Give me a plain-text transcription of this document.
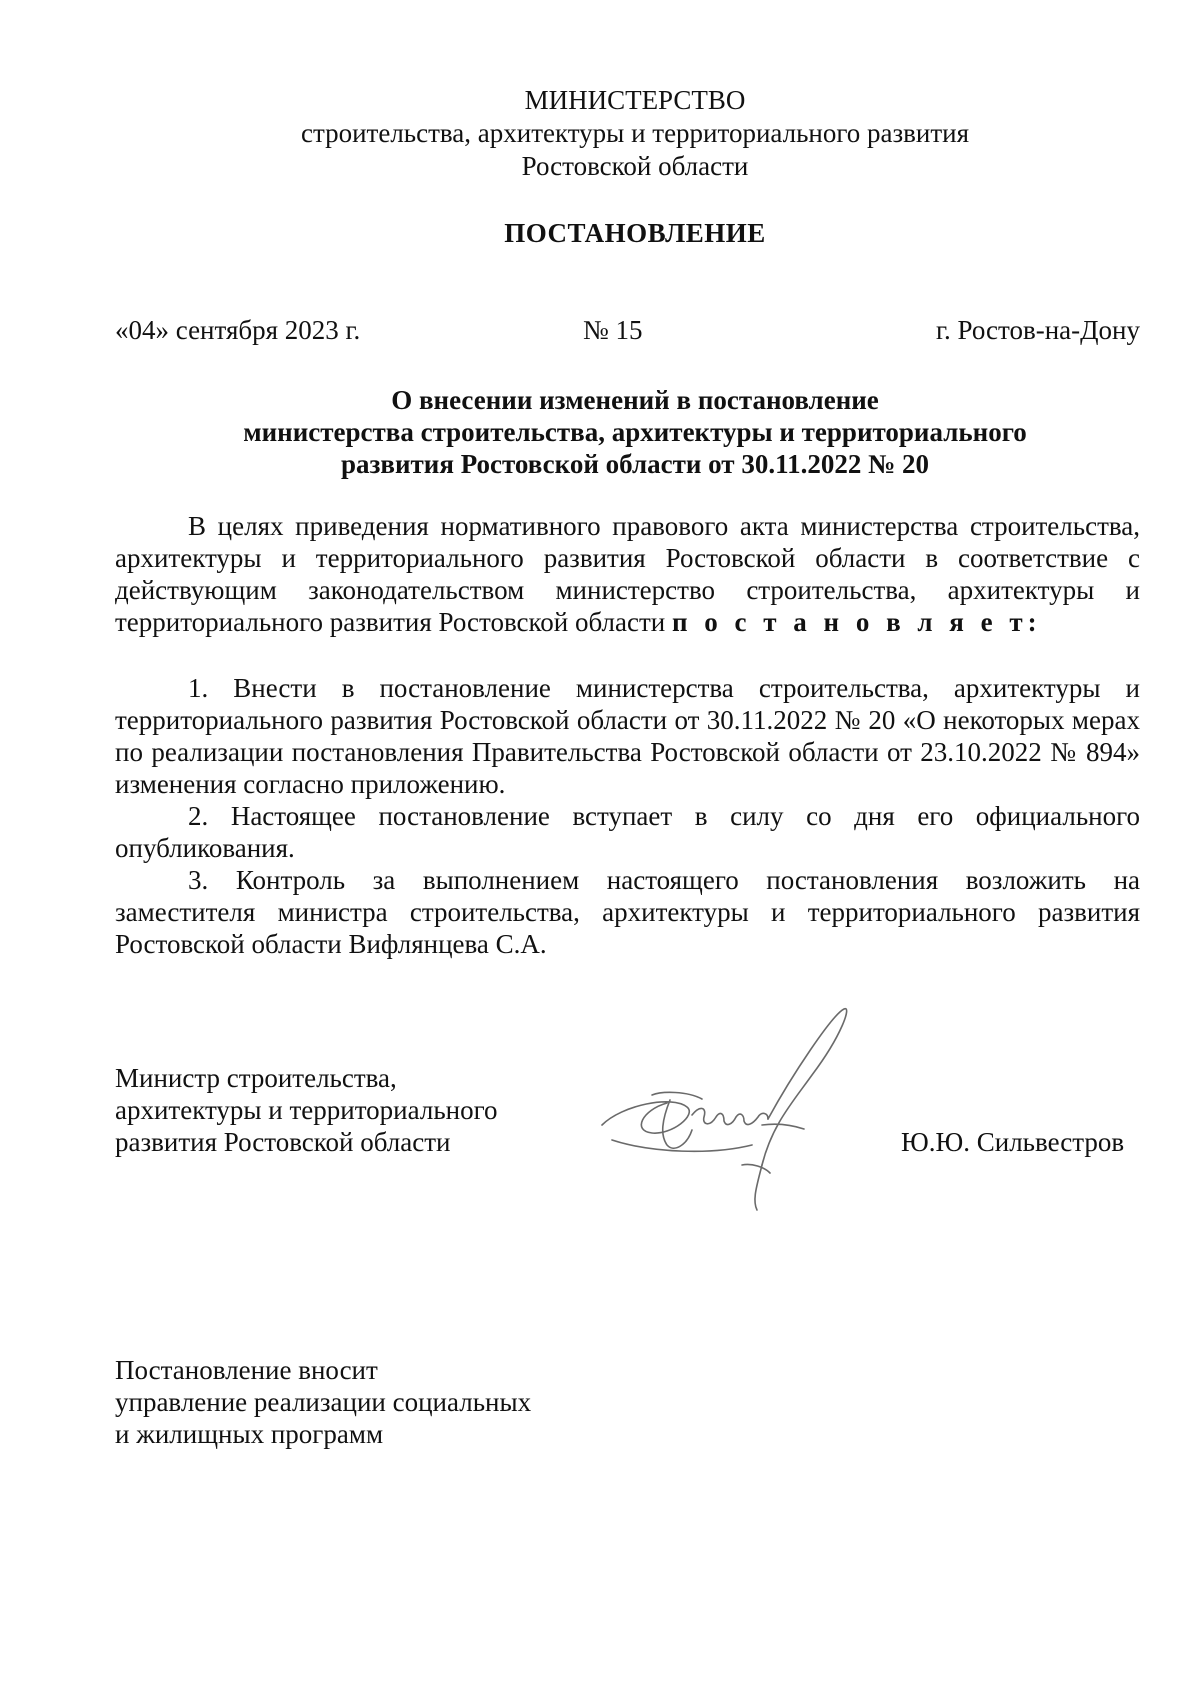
МИНИСТЕРСТВО
строительства, архитектуры и территориального развития
Ростовской области
ПОСТАНОВЛЕНИЕ
«04» сентября 2023 г.	№ 15	г. Ростов-на-Дону
О внесении изменений в постановление
министерства строительства, архитектуры и территориального
развития Ростовской области от 30.11.2022 № 20

В целях приведения нормативного правового акта министерства строительства, архитектуры и территориального развития Ростовской области в соответствие с действующим законодательством министерство строительства, архитектуры и территориального развития Ростовской области п о с т а н о в л я е т:

1. Внести в постановление министерства строительства, архитектуры и территориального развития Ростовской области от 30.11.2022 № 20 «О некоторых мерах по реализации постановления Правительства Ростовской области от 23.10.2022 № 894» изменения согласно приложению.

2. Настоящее постановление вступает в силу со дня его официального опубликования.

3. Контроль за выполнением настоящего постановления возложить на заместителя министра строительства, архитектуры и территориального развития Ростовской области Вифлянцева С.А.

Министр строительства,
архитектуры и территориального
развития Ростовской области	Ю.Ю. Сильвестров
Постановление вносит
управление реализации социальных
и жилищных программ
